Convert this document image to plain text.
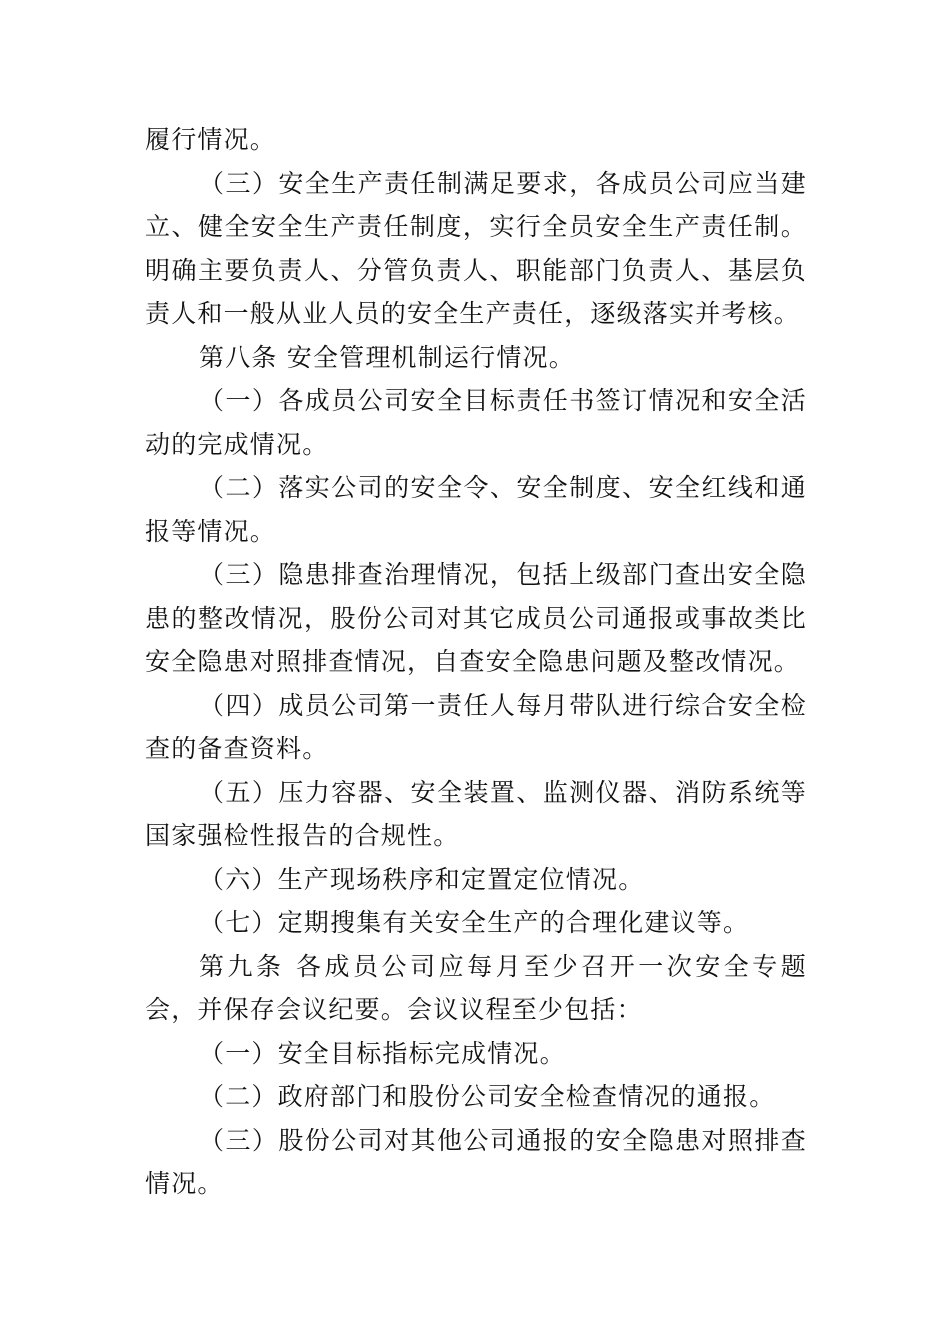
履行情况。

（三）安全生产责任制满足要求，各成员公司应当建立、健全安全生产责任制度，实行全员安全生产责任制。明确主要负责人、分管负责人、职能部门负责人、基层负责人和一般从业人员的安全生产责任，逐级落实并考核。

第八条 安全管理机制运行情况。

（一）各成员公司安全目标责任书签订情况和安全活动的完成情况。

（二）落实公司的安全令、安全制度、安全红线和通报等情况。

（三）隐患排查治理情况，包括上级部门查出安全隐患的整改情况，股份公司对其它成员公司通报或事故类比安全隐患对照排查情况，自查安全隐患问题及整改情况。

（四）成员公司第一责任人每月带队进行综合安全检查的备查资料。

（五）压力容器、安全装置、监测仪器、消防系统等国家强检性报告的合规性。

（六）生产现场秩序和定置定位情况。

（七）定期搜集有关安全生产的合理化建议等。

第九条 各成员公司应每月至少召开一次安全专题会，并保存会议纪要。会议议程至少包括：

（一）安全目标指标完成情况。

（二）政府部门和股份公司安全检查情况的通报。

（三）股份公司对其他公司通报的安全隐患对照排查情况。
